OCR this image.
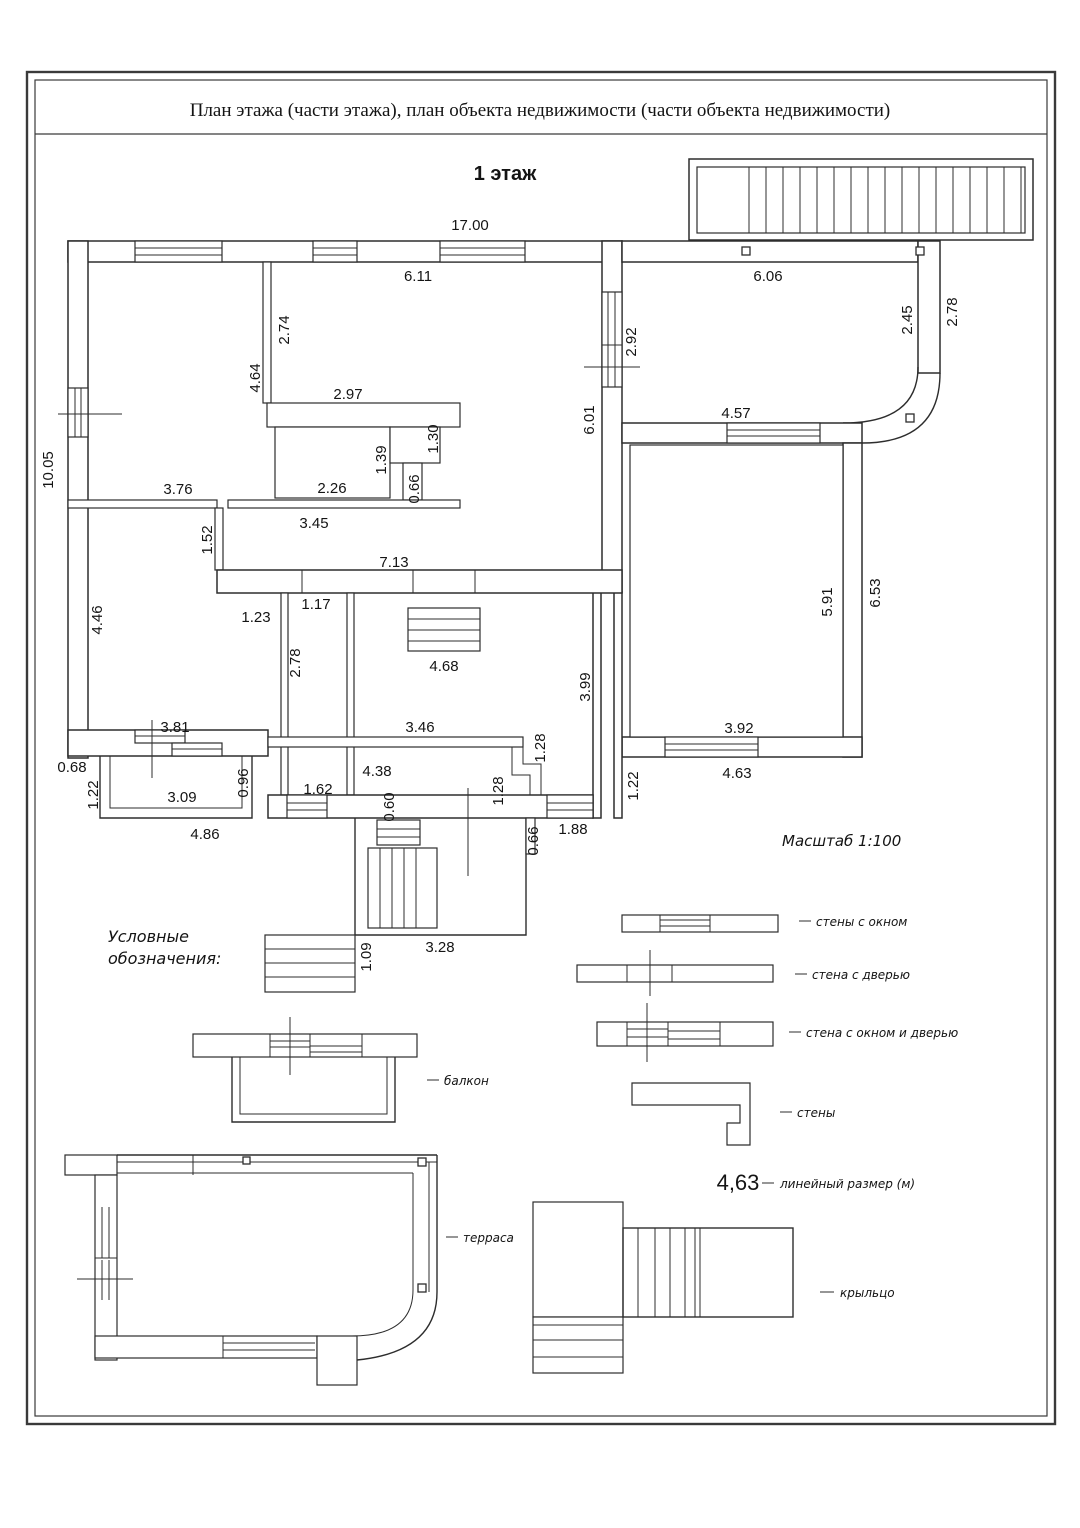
План этажа (части этажа), план объекта недвижимости (части объекта недвижимости)
1 этаж
17.00
6.11	6.06
2.74	2.92
2.45 2.78
4.64
2.97
6.01	4.57
1.30
1.39
10.05
0.66
3.76	2.26
3.45
1.52
7.13
4.46	1.23
1.17
2.78	4.68
5.91 6.53
3.99
3.81	3.46	3.92
1.28
0.68	4.63
0.96	4.38
1.22	3.09	1.62
0.60
1.28	1.22
4.86	0.66 1.88
3.28
1.09
Масштаб 1:100
Условные
обозначения:
стены с окном
стена с дверью
стена с окном и дверью
стены
4,63 линейный размер (м)
балкон
терраса
крыльцо
